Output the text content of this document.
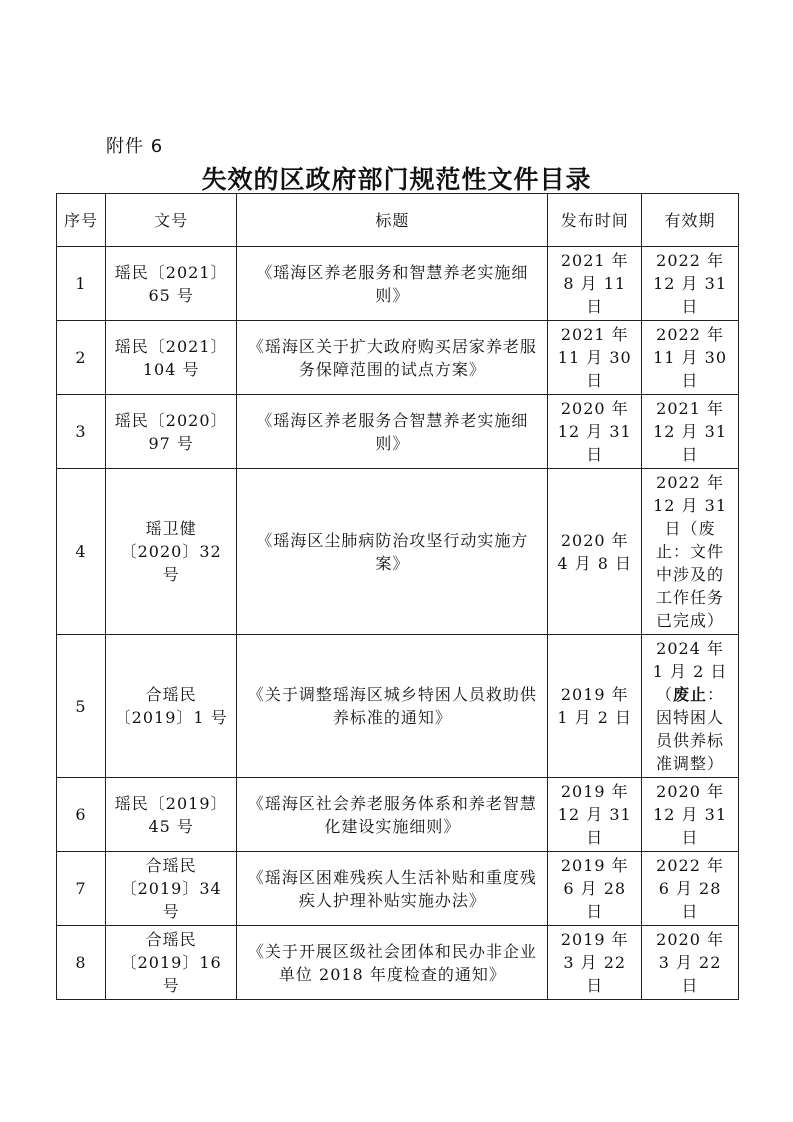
附件 6
失效的区政府部门规范性文件目录
序号	文号	标题	发布时间	有效期
1	瑶民〔2021〕65 号	《瑶海区养老服务和智慧养老实施细则》	2021 年 8 月 11 日	2022 年 12 月 31 日
2	瑶民〔2021〕104 号	《瑶海区关于扩大政府购买居家养老服务保障范围的试点方案》	2021 年 11 月 30 日	2022 年 11 月 30 日
3	瑶民〔2020〕97 号	《瑶海区养老服务合智慧养老实施细则》	2020 年 12 月 31 日	2021 年 12 月 31 日
4	瑶卫健〔2020〕32 号	《瑶海区尘肺病防治攻坚行动实施方案》	2020 年 4 月 8 日	2022 年 12 月 31 日（废止：文件中涉及的工作任务已完成）
5	合瑶民〔2019〕1 号	《关于调整瑶海区城乡特困人员救助供养标准的通知》	2019 年 1 月 2 日	2024 年 1 月 2 日（废止：因特困人员供养标准调整）
6	瑶民〔2019〕45 号	《瑶海区社会养老服务体系和养老智慧化建设实施细则》	2019 年 12 月 31 日	2020 年 12 月 31 日
7	合瑶民〔2019〕34 号	《瑶海区困难残疾人生活补贴和重度残疾人护理补贴实施办法》	2019 年 6 月 28 日	2022 年 6 月 28 日
8	合瑶民〔2019〕16 号	《关于开展区级社会团体和民办非企业单位 2018 年度检查的通知》	2019 年 3 月 22 日	2020 年 3 月 22 日
